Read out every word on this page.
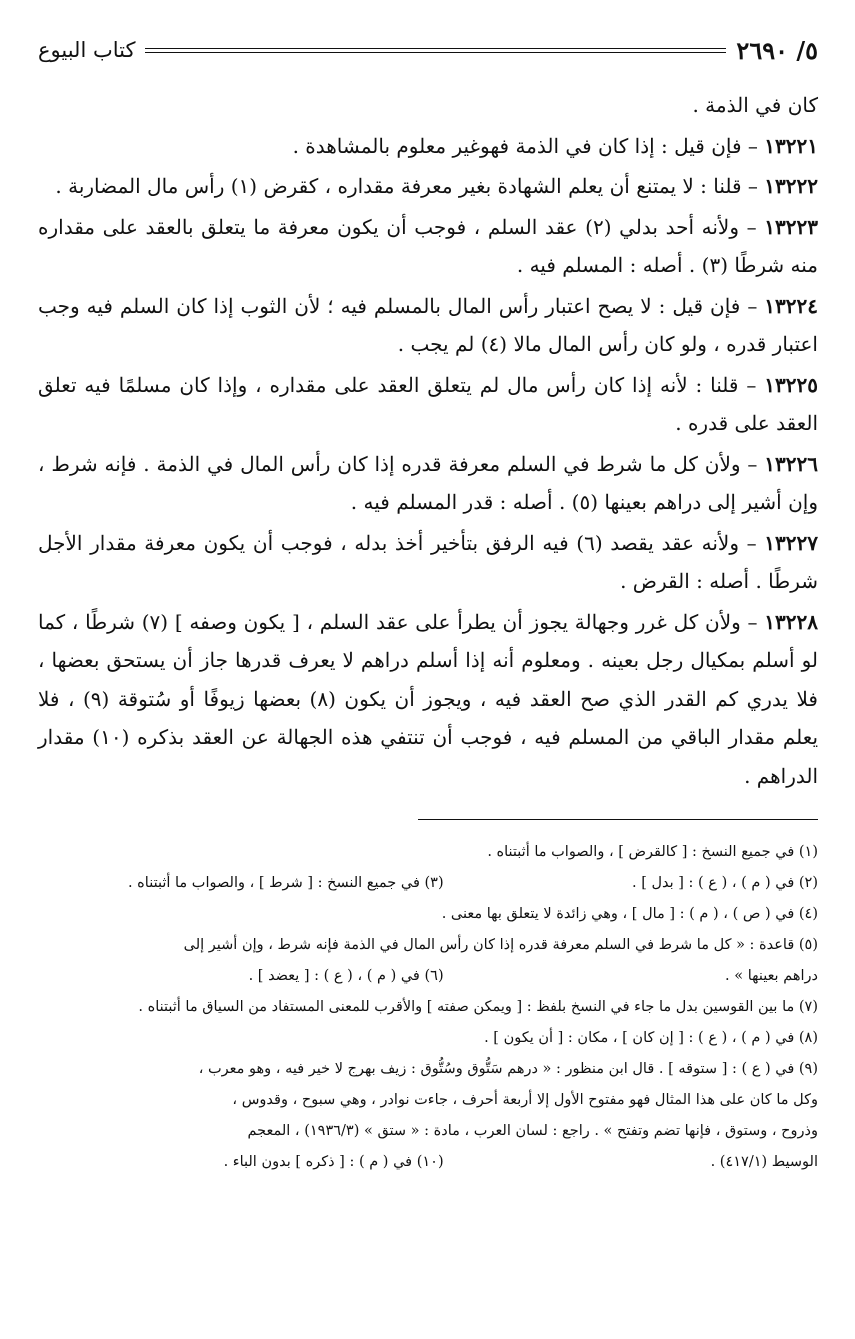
٥/ ٢٦٩٠
كتاب البيوع

كان في الذمة .

١٣٢٢١ – فإن قيل : إذا كان في الذمة فهوغير معلوم بالمشاهدة .

١٣٢٢٢ – قلنا : لا يمتنع أن يعلم الشهادة بغير معرفة مقداره ، كقرض (١) رأس مال المضاربة .

١٣٢٢٣ – ولأنه أحد بدلي (٢) عقد السلم ، فوجب أن يكون معرفة ما يتعلق بالعقد على مقداره منه شرطًا (٣) . أصله : المسلم فيه .

١٣٢٢٤ – فإن قيل : لا يصح اعتبار رأس المال بالمسلم فيه ؛ لأن الثوب إذا كان السلم فيه وجب اعتبار قدره ، ولو كان رأس المال مالا (٤) لم يجب .

١٣٢٢٥ – قلنا : لأنه إذا كان رأس مال لم يتعلق العقد على مقداره ، وإذا كان مسلمًا فيه تعلق العقد على قدره .

١٣٢٢٦ – ولأن كل ما شرط في السلم معرفة قدره إذا كان رأس المال في الذمة . فإنه شرط ، وإن أشير إلى دراهم بعينها (٥) . أصله : قدر المسلم فيه .

١٣٢٢٧ – ولأنه عقد يقصد (٦) فيه الرفق بتأخير أخذ بدله ، فوجب أن يكون معرفة مقدار الأجل شرطًا . أصله : القرض .

١٣٢٢٨ – ولأن كل غرر وجهالة يجوز أن يطرأ على عقد السلم ، [ يكون وصفه ] (٧) شرطًا ، كما لو أسلم بمكيال رجل بعينه . ومعلوم أنه إذا أسلم دراهم لا يعرف قدرها جاز أن يستحق بعضها ، فلا يدري كم القدر الذي صح العقد فيه ، ويجوز أن يكون (٨) بعضها زيوفًا أو سُتوقة (٩) ، فلا يعلم مقدار الباقي من المسلم فيه ، فوجب أن تنتفي هذه الجهالة عن العقد بذكره (١٠) مقدار الدراهم .

(١) في جميع النسخ : [ كالقرض ] ، والصواب ما أثبتناه .

(٢) في ( م ) ، ( ع ) : [ بدل ] .
(٣) في جميع النسخ : [ شرط ] ، والصواب ما أثبتناه .

(٤) في ( ص ) ، ( م ) : [ مال ] ، وهي زائدة لا يتعلق بها معنى .

(٥) قاعدة : « كل ما شرط في السلم معرفة قدره إذا كان رأس المال في الذمة فإنه شرط ، وإن أشير إلى

دراهم بعينها » .
(٦) في ( م ) ، ( ع ) : [ يعضد ] .

(٧) ما بين القوسين بدل ما جاء في النسخ بلفظ : [ ويمكن صفته ] والأقرب للمعنى المستفاد من السياق ما أثبتناه .

(٨) في ( م ) ، ( ع ) : [ إن كان ] ، مكان : [ أن يكون ] .

(٩) في ( ع ) : [ ستوقه ] . قال ابن منظور : « درهم سَتُّوق وسُتُّوق : زيف بهرج لا خير فيه ، وهو معرب ،

وكل ما كان على هذا المثال فهو مفتوح الأول إلا أربعة أحرف ، جاءت نوادر ، وهي سبوح ، وقدوس ،

وذروح ، وستوق ، فإنها تضم وتفتح » . راجع : لسان العرب ، مادة : « ستق » (١٩٣٦/٣) ، المعجم

الوسيط (٤١٧/١) .
(١٠) في ( م ) : [ ذكره ] بدون الباء .
